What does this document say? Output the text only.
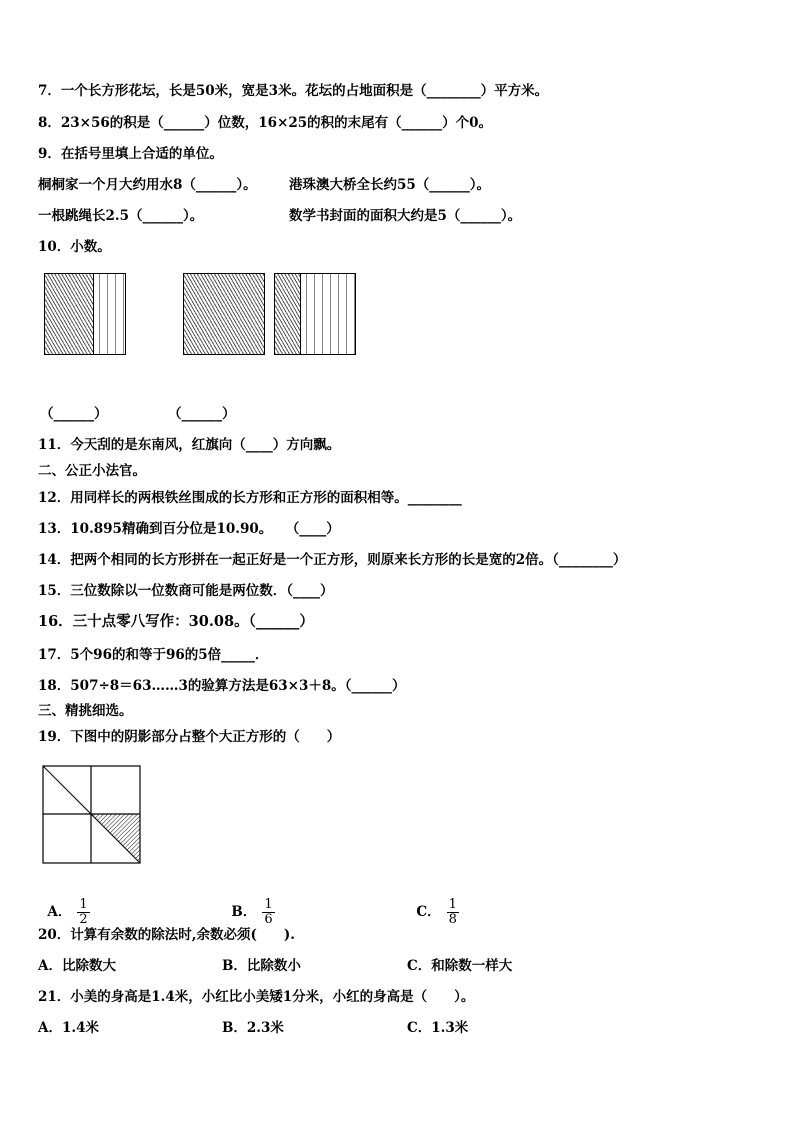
7．一个长方形花坛，长是50米，宽是3米。花坛的占地面积是（________）平方米。
8．23×56的积是（______）位数，16×25的积的末尾有（______）个0。
9．在括号里填上合适的单位。
桐桐家一个月大约用水8（______）。 港珠澳大桥全长约55（______）。
一根跳绳长2.5（______）。	数学书封面的面积大约是5（______）。
10．小数。
（______）	（______）
11．今天刮的是东南风，红旗向（____）方向飘。
二、公正小法官。
12．用同样长的两根铁丝围成的长方形和正方形的面积相等。________
13．10.895精确到百分位是10.90。　　（____）
14．把两个相同的长方形拼在一起正好是一个正方形，则原来长方形的长是宽的2倍。（________）
15．三位数除以一位数商可能是两位数．（____）
16．三十点零八写作：30.08。（______）
17．5个96的和等于96的5倍_____．
18．507÷8＝63……3的验算方法是63×3＋8。（______）
三、精挑细选。
19．下图中的阴影部分占整个大正方形的（　　）

A． $\frac{1}{2}$	B． $\frac{1}{6}$	C． $\frac{1}{8}$

20．计算有余数的除法时,余数必须(　　).
A．比除数大	B．比除数小	C．和除数一样大
21．小美的身高是1.4米，小红比小美矮1分米，小红的身高是（　　）。
A．1.4米	B．2.3米	C．1.3米
